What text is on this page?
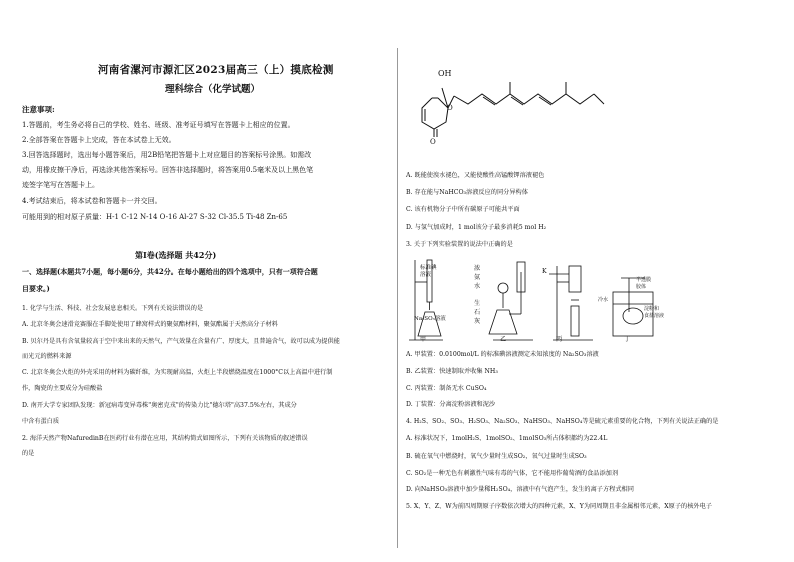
河南省漯河市源汇区2023届高三（上）摸底检测
理科综合（化学试题）
注意事项:
1.答题前，考生务必将自己的学校、姓名、班级、准考证号填写在答题卡上相应的位置。
2.全部答案在答题卡上完成，答在本试卷上无效。
3.回答选择题时，选出每小题答案后，用2B铅笔把答题卡上对应题目的答案标号涂黑。如需改
动，用橡皮擦干净后，再选涂其他答案标号。回答非选择题时，将答案用0.5毫米及以上黑色笔
迹签字笔写在答题卡上。
4.考试结束后，将本试卷和答题卡一并交回。
可能用到的相对原子质量：H-1 C-12 N-14 O-16 Al-27 S-32 Cl-35.5 Ti-48 Zn-65
第Ⅰ卷(选择题 共42分)
一、选择题(本题共7小题，每小题6分，共42分。在每小题给出的四个选项中，只有一项符合题
目要求。)
1. 化学与生活、科技、社会发展息息相关。下列有关说法错误的是
A. 北京冬奥会速滑竞赛服在手脚处使用了蜂窝样式的聚氨酯材料，聚氨酯属于天然高分子材料
B. 贝尔丹是具有含氧量较高于空中来出来的天然气，产气效量在含量有广、厚度大，且普遍含气，故可以成为提供能
而光元的燃料来源
C. 北京冬奥会火炬的外壳采用的材料为碳纤维，为实现耐高温，火炬上半段燃烧温度在1000°C以上高温中进行制
作，陶瓷的主要成分为硅酸盐
D. 南开大学专家团队发现：新冠病毒变异毒株"奥密克戎"的传染力比"德尔塔"高37.5%左右，其成分
中含有蛋白质
2. 海洋天然产物NafuredinB在医药行业有潜在应用，其结构简式如图所示，下列有关该物质的叙述错误
的是
OH
O
O
A. 既能使溴水褪色，又能使酸性高锰酸钾溶液褪色
B. 存在能与NaHCO₃溶液反应的同分异构体
C. 该有机物分子中所有碳原子可能共平面
D. 与氢气加成时，1 mol该分子最多消耗5 mol H₂
3. 关于下列实验装置的说法中正确的是
标准碘
溶液
Na₂SO₃溶液
甲
浓
氨
水
生
石
灰
乙
K
丙
冷水
半透膜
胶体
淀粉和
食盐溶液
丁
A. 甲装置：0.0100mol/L 的标准碘溶液测定未知浓度的 Na₂SO₃溶液
B. 乙装置：快速制取并收集 NH₃
C. 丙装置：制备无水 CuSO₄
D. 丁装置：分离淀粉溶液和泥沙
4. H₂S、SO₂、SO₃、H₂SO₃、Na₂SO₃、NaHSO₃、NaHSO₄等是硫元素重要的化合物，下列有关说法正确的是
A. 标准状况下，1molH₂S、1molSO₂、1molSO₃所占体积都约为22.4L
B. 硫在氧气中燃烧时，氧气少量时生成SO₂，氧气过量时生成SO₃
C. SO₂是一种无色有刺激性气味有毒的气体，它不能用作葡萄酒的食品添加剂
D. 向NaHSO₃溶液中加少量稀H₂SO₄，溶液中有气泡产生，发生的离子方程式相同
5. X、Y、Z、W为前四周期原子序数依次增大的四种元素，X、Y为同周期且非金属相邻元素，X原子的核外电子
